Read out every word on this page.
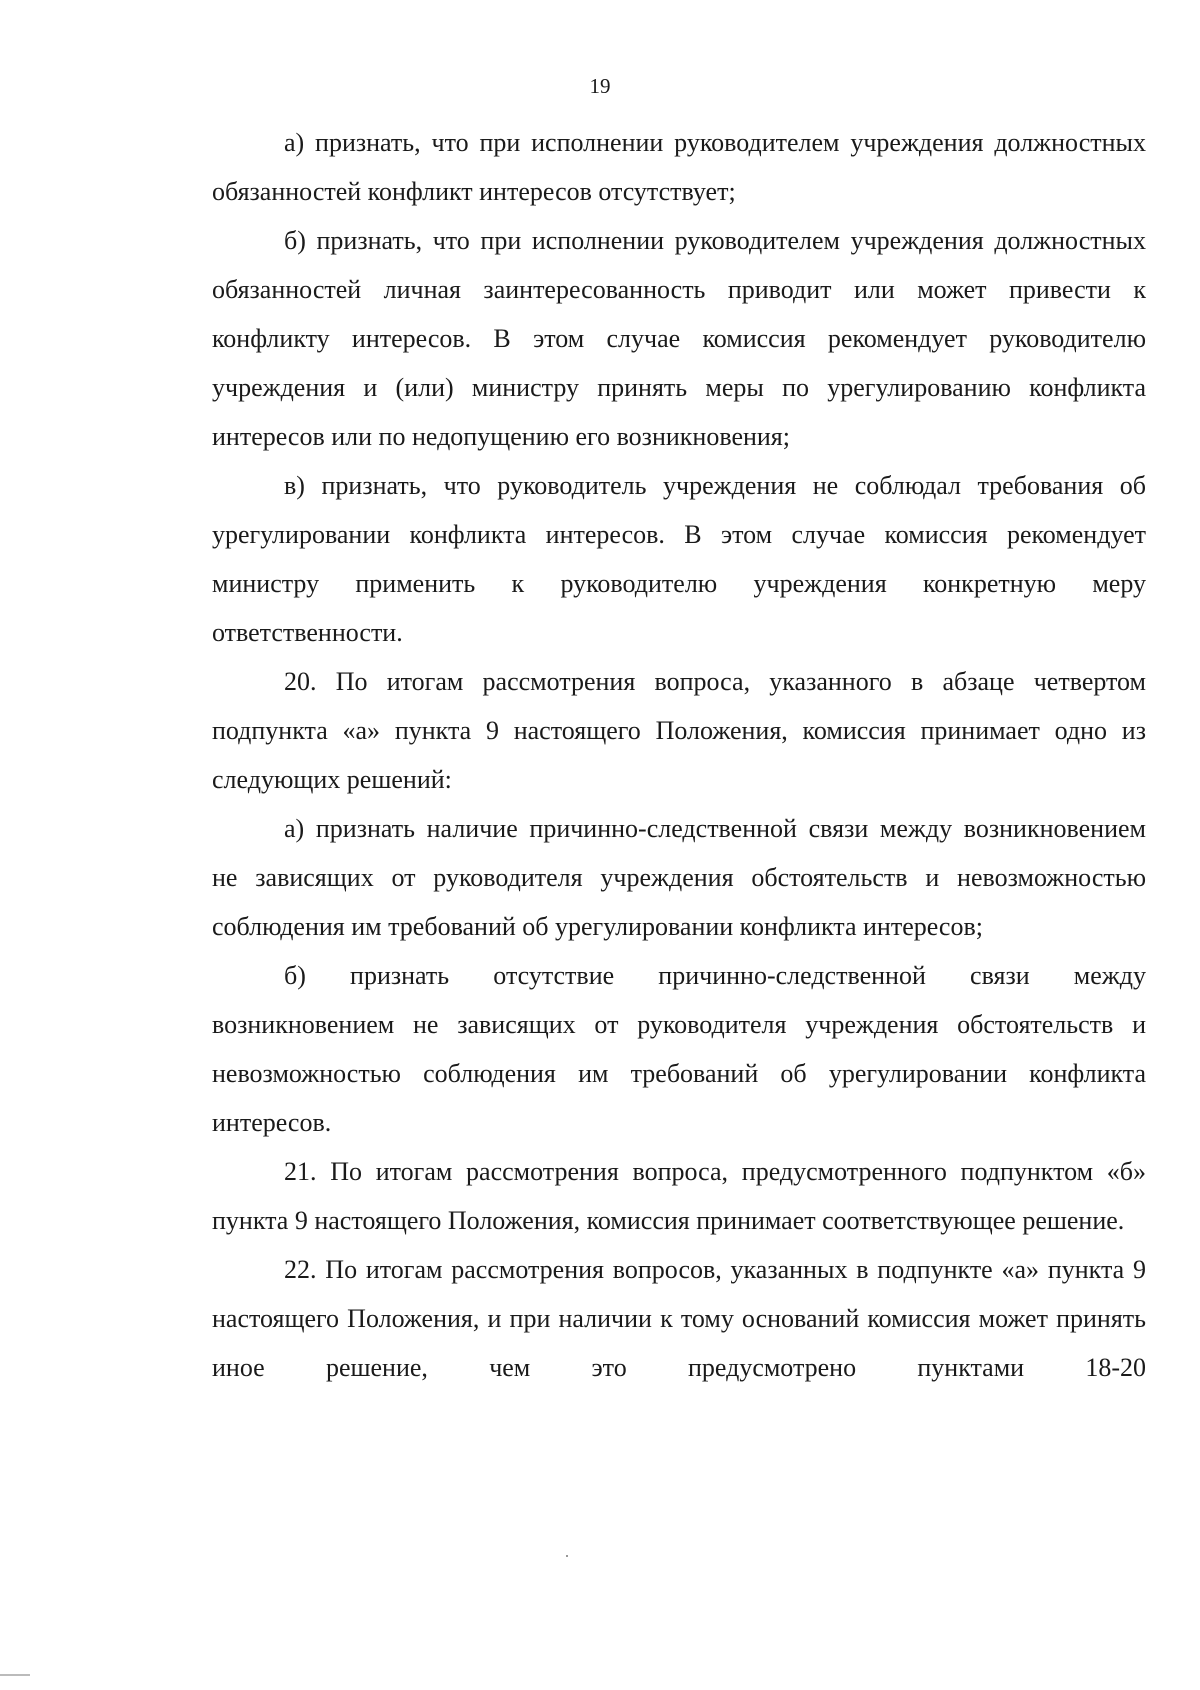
19

а) признать, что при исполнении руководителем учреждения должностных обязанностей конфликт интересов отсутствует;

б) признать, что при исполнении руководителем учреждения должностных обязанностей личная заинтересованность приводит или может привести к конфликту интересов. В этом случае комиссия рекомендует руководителю учреждения и (или) министру принять меры по урегулированию конфликта интересов или по недопущению его возникновения;

в) признать, что руководитель учреждения не соблюдал требования об урегулировании конфликта интересов. В этом случае комиссия рекомендует министру применить к руководителю учреждения конкретную меру ответственности.

20. По итогам рассмотрения вопроса, указанного в абзаце четвертом подпункта «а» пункта 9 настоящего Положения, комиссия принимает одно из следующих решений:

а) признать наличие причинно-следственной связи между возникновением не зависящих от руководителя учреждения обстоятельств и невозможностью соблюдения им требований об урегулировании конфликта интересов;

б) признать отсутствие причинно-следственной связи между возникновением не зависящих от руководителя учреждения обстоятельств и невозможностью соблюдения им требований об урегулировании конфликта интересов.

21. По итогам рассмотрения вопроса, предусмотренного подпунктом «б» пункта 9 настоящего Положения, комиссия принимает соответствующее решение.

22. По итогам рассмотрения вопросов, указанных в подпункте «а» пункта 9 настоящего Положения, и при наличии к тому оснований комиссия может принять иное решение, чем это предусмотрено пунктами 18-20
